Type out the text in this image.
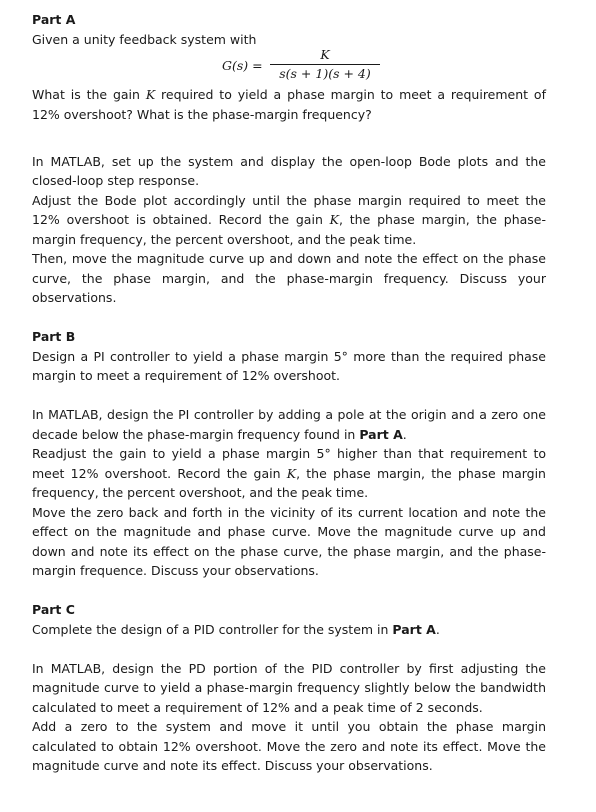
Part A

Given a unity feedback system with

G(s) =
K
s(s + 1)(s + 4)

What is the gain K required to yield a phase margin to meet a requirement of 12% overshoot? What is the phase-margin frequency?

In MATLAB, set up the system and display the open-loop Bode plots and the closed-loop step response.

Adjust the Bode plot accordingly until the phase margin required to meet the 12% overshoot is obtained. Record the gain K, the phase margin, the phase-margin frequency, the percent overshoot, and the peak time.

Then, move the magnitude curve up and down and note the effect on the phase curve, the phase margin, and the phase-margin frequency. Discuss your observations.

Part B

Design a PI controller to yield a phase margin 5° more than the required phase margin to meet a requirement of 12% overshoot.

In MATLAB, design the PI controller by adding a pole at the origin and a zero one decade below the phase-margin frequency found in Part A.

Readjust the gain to yield a phase margin 5° higher than that requirement to meet 12% overshoot. Record the gain K, the phase margin, the phase margin frequency, the percent overshoot, and the peak time.

Move the zero back and forth in the vicinity of its current location and note the effect on the magnitude and phase curve. Move the magnitude curve up and down and note its effect on the phase curve, the phase margin, and the phase-margin frequence. Discuss your observations.

Part C

Complete the design of a PID controller for the system in Part A.

In MATLAB, design the PD portion of the PID controller by first adjusting the magnitude curve to yield a phase-margin frequency slightly below the bandwidth calculated to meet a requirement of 12% and a peak time of 2 seconds.

Add a zero to the system and move it until you obtain the phase margin calculated to obtain 12% overshoot. Move the zero and note its effect. Move the magnitude curve and note its effect. Discuss your observations.
